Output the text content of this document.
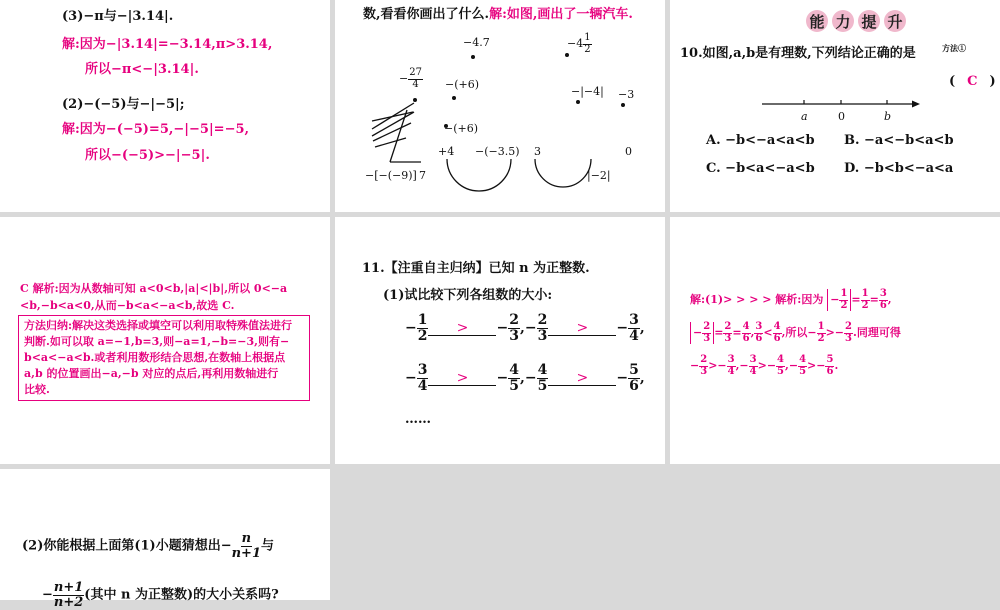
(3)−π与−|3.14|.
解:因为−|3.14|=−3.14,π>3.14,
所以−π<−|3.14|.
(2)−(−5)与−|−5|;
解:因为−(−5)=5,−|−5|=−5,
所以−(−5)>−|−5|.
数,看看你画出了什么.解:如图,画出了一辆汽车.
−4.7	$-4 \frac{1}{2}$
− $\frac{27}{4} -(+6)$
−|−4| −3
−(+6)
+4 −(−3.5) 3	0
−[−(−9)] 7	|−2|
能 力 提 升
10.如图,a,b是有理数,下列结论正确的是	方法①
( C )
a	0	b
A. −b<−a<a<b B. −a<−b<a<b
C. −b<a<−a<b D. −b<b<−a<a
C 解析:因为从数轴可知 a<0<b,|a|<|b|,所以 0<−a
<b,−b<a<0,从而−b<a<−a<b,故选 C.
方法归纳:解决这类选择或填空可以利用取特殊值法进行
判断.如可以取 a=−1,b=3,则−a=1,−b=−3,则有−
b<a<−a<b.或者利用数形结合思想,在数轴上根据点
a,b 的位置画出−a,−b 对应的点后,再利用数轴进行
比较.
11.【注重自主归纳】已知 n 为正整数.
(1)试比较下列各组数的大小:
− $\frac{1}{2}$ > − $\frac{2}{3}$ ,− $\frac{2}{3}$ > − $\frac{3}{4}$ ,
− $\frac{3}{4}$ > − $\frac{4}{5}$ ,− $\frac{4}{5}$ > − $\frac{5}{6}$ ,
……
解:(1)> > > > 解析:因为 − $\frac{1}{2} = \frac{1}{2} = \frac{3}{6}$ ,
− $\frac{2}{3} = \frac{2}{3} = \frac{4}{6}$ , $\frac{3}{6} < \frac{4}{6}$ ,所以− $\frac{1}{2} >- \frac{2}{3}$ .同理可得
− $\frac{2}{3} >- \frac{3}{4}$ ,− $\frac{3}{4} >- \frac{4}{5}$ ,− $\frac{4}{5} >- \frac{5}{6}$ .
(2)你能根据上面第(1)小题猜想出− $\frac{n}{n+1}$ 与
− $\frac{n+1}{n+2}$ (其中 n 为正整数)的大小关系吗?
